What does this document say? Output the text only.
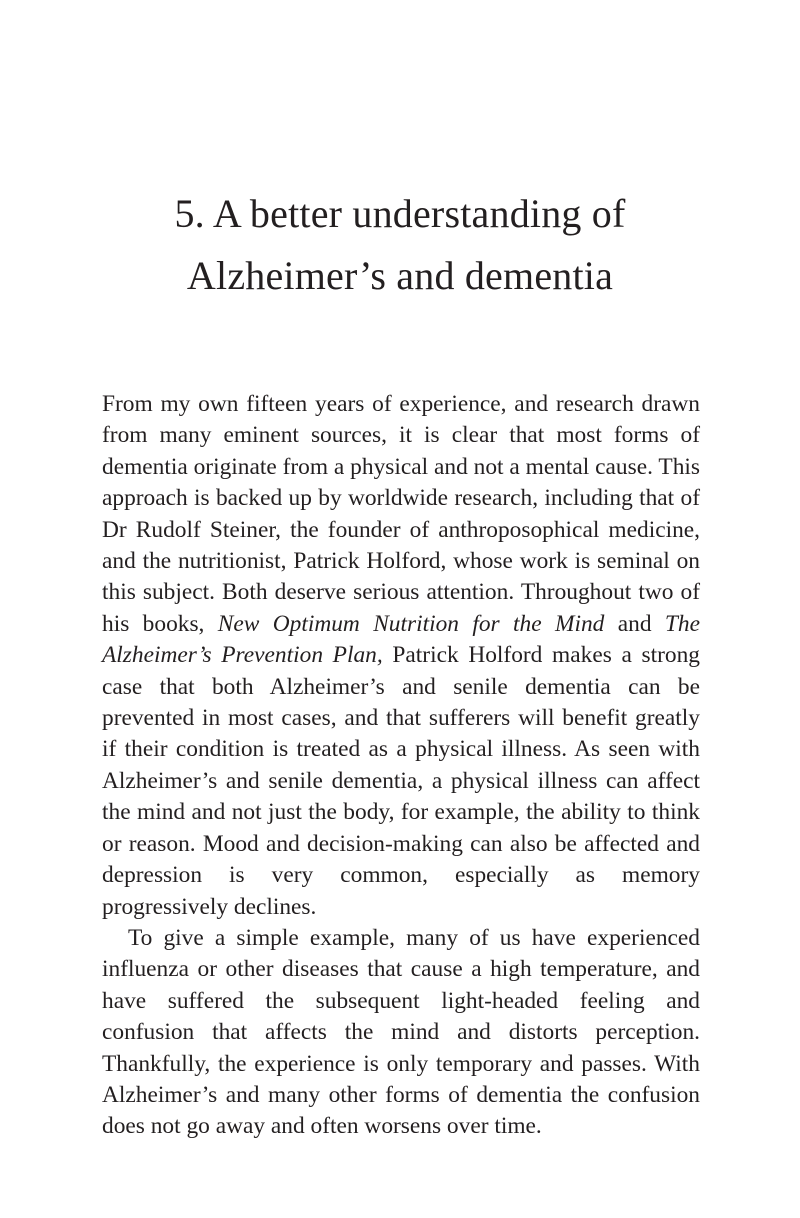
5. A better understanding of
Alzheimer’s and dementia

From my own fifteen years of experience, and research drawn from many eminent sources, it is clear that most forms of dementia originate from a physical and not a mental cause. This approach is backed up by worldwide research, including that of Dr Rudolf Steiner, the founder of anthroposophical medicine, and the nutritionist, Patrick Holford, whose work is seminal on this subject. Both deserve serious attention. Throughout two of his books, New Optimum Nutrition for the Mind and The Alzheimer’s Prevention Plan, Patrick Holford makes a strong case that both Alzheimer’s and senile dementia can be prevented in most cases, and that sufferers will benefit greatly if their condition is treated as a physical illness. As seen with Alzheimer’s and senile dementia, a physical illness can affect the mind and not just the body, for example, the ability to think or reason. Mood and decision-making can also be affected and depression is very common, especially as memory progressively declines.

To give a simple example, many of us have experienced influenza or other diseases that cause a high temperature, and have suffered the subsequent light-headed feeling and confusion that affects the mind and distorts perception. Thankfully, the experience is only temporary and passes. With Alzheimer’s and many other forms of dementia the confusion does not go away and often worsens over time.
